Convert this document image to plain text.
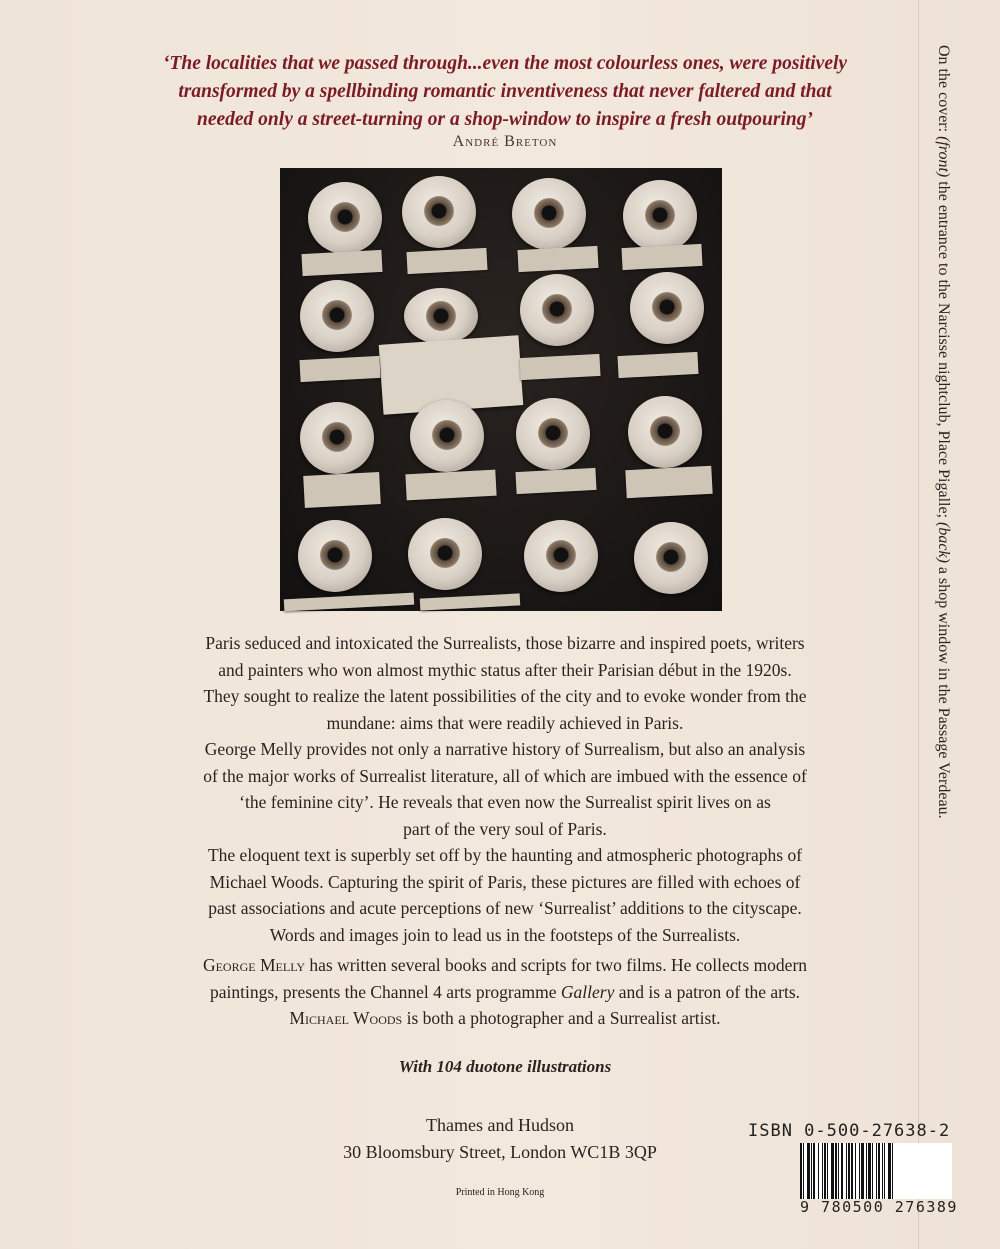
‘The localities that we passed through...even the most colourless ones, were positively
transformed by a spellbinding romantic inventiveness that never faltered and that
needed only a street-turning or a shop-window to inspire a fresh outpouring’
André Breton
Paris seduced and intoxicated the Surrealists, those bizarre and inspired poets, writers
and painters who won almost mythic status after their Parisian début in the 1920s.
They sought to realize the latent possibilities of the city and to evoke wonder from the
mundane: aims that were readily achieved in Paris.
George Melly provides not only a narrative history of Surrealism, but also an analysis
of the major works of Surrealist literature, all of which are imbued with the essence of
‘the feminine city’. He reveals that even now the Surrealist spirit lives on as
part of the very soul of Paris.
The eloquent text is superbly set off by the haunting and atmospheric photographs of
Michael Woods. Capturing the spirit of Paris, these pictures are filled with echoes of
past associations and acute perceptions of new ‘Surrealist’ additions to the cityscape.
Words and images join to lead us in the footsteps of the Surrealists.
George Melly has written several books and scripts for two films. He collects modern
paintings, presents the Channel 4 arts programme Gallery and is a patron of the arts.
Michael Woods is both a photographer and a Surrealist artist.
With 104 duotone illustrations
Thames and Hudson
30 Bloomsbury Street, London WC1B 3QP
Printed in Hong Kong
ISBN 0-500-27638-2
9 780500 276389
On the cover: (front) the entrance to the Narcisse nightclub, Place Pigalle; (back) a shop window in the Passage Verdeau.
